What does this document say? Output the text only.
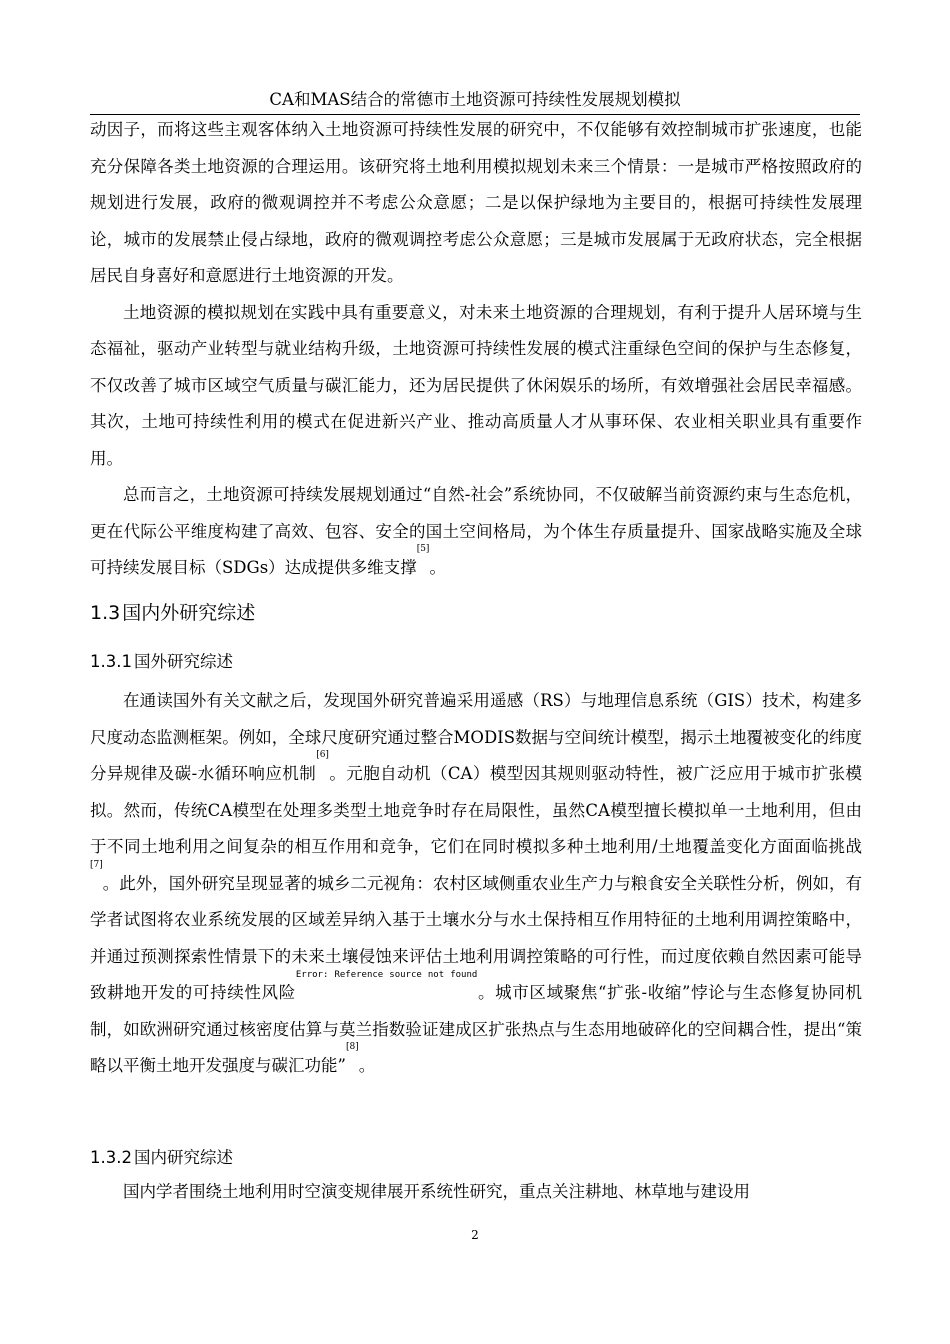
CA和MAS结合的常德市土地资源可持续性发展规划模拟

动因子，而将这些主观客体纳入土地资源可持续性发展的研究中，不仅能够有效控制城市扩张速度，也能充分保障各类土地资源的合理运用。该研究将土地利用模拟规划未来三个情景：一是城市严格按照政府的规划进行发展，政府的微观调控并不考虑公众意愿；二是以保护绿地为主要目的，根据可持续性发展理论，城市的发展禁止侵占绿地，政府的微观调控考虑公众意愿；三是城市发展属于无政府状态，完全根据居民自身喜好和意愿进行土地资源的开发。

土地资源的模拟规划在实践中具有重要意义，对未来土地资源的合理规划，有利于提升人居环境与生态福祉，驱动产业转型与就业结构升级，土地资源可持续性发展的模式注重绿色空间的保护与生态修复，不仅改善了城市区域空气质量与碳汇能力，还为居民提供了休闲娱乐的场所，有效增强社会居民幸福感。其次，土地可持续性利用的模式在促进新兴产业、推动高质量人才从事环保、农业相关职业具有重要作用。

总而言之，土地资源可持续发展规划通过“自然-社会”系统协同，不仅破解当前资源约束与生态危机，更在代际公平维度构建了高效、包容、安全的国土空间格局，为个体生存质量提升、国家战略实施及全球可持续发展目标（SDGs）达成提供多维支撑[5]。

1.3 国内外研究综述
1.3.1 国外研究综述

在通读国外有关文献之后，发现国外研究普遍采用遥感（RS）与地理信息系统（GIS）技术，构建多尺度动态监测框架。例如，全球尺度研究通过整合MODIS数据与空间统计模型，揭示土地覆被变化的纬度分异规律及碳-水循环响应机制[6]。元胞自动机（CA）模型因其规则驱动特性，被广泛应用于城市扩张模拟。然而，传统CA模型在处理多类型土地竞争时存在局限性，虽然CA模型擅长模拟单一土地利用，但由于不同土地利用之间复杂的相互作用和竞争，它们在同时模拟多种土地利用/土地覆盖变化方面面临挑战[7]。此外，国外研究呈现显著的城乡二元视角：农村区域侧重农业生产力与粮食安全关联性分析，例如，有学者试图将农业系统发展的区域差异纳入基于土壤水分与水土保持相互作用特征的土地利用调控策略中，并通过预测探索性情景下的未来土壤侵蚀来评估土地利用调控策略的可行性，而过度依赖自然因素可能导致耕地开发的可持续性风险$^{Error: Reference source not found}$。城市区域聚焦“扩张-收缩”悖论与生态修复协同机制，如欧洲研究通过核密度估算与莫兰指数验证建成区扩张热点与生态用地破碎化的空间耦合性，提出“策略以平衡土地开发强度与碳汇功能”[8]。

1.3.2 国内研究综述

国内学者围绕土地利用时空演变规律展开系统性研究，重点关注耕地、林草地与建设用

2
